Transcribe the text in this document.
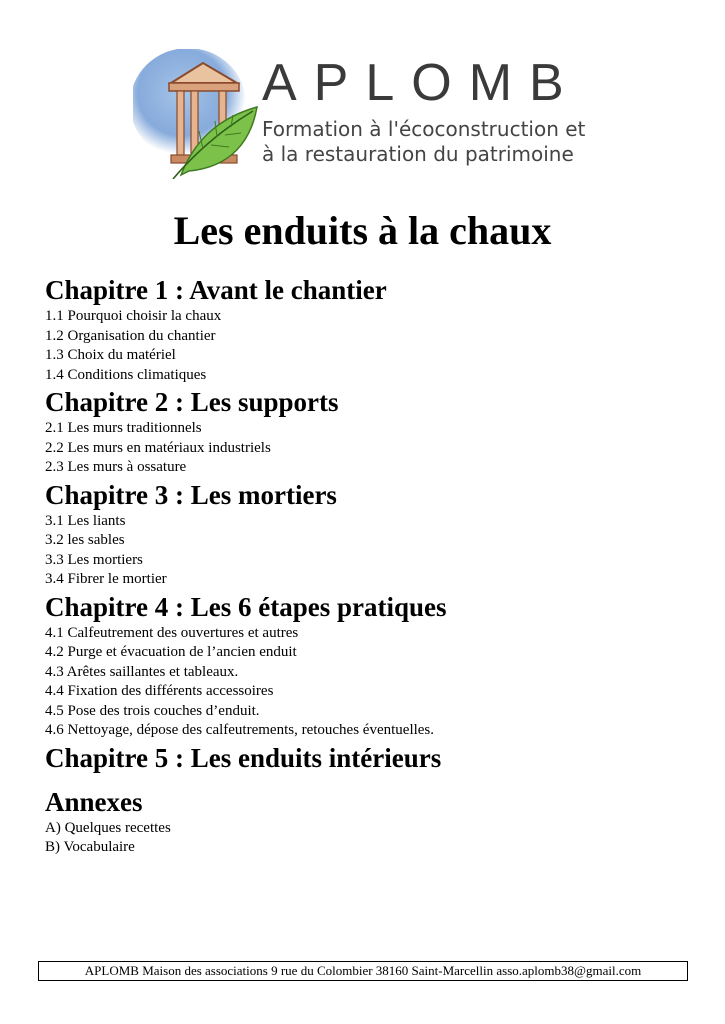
APLOMB
Formation à l'écoconstruction et
à la restauration du patrimoine
Les enduits à la chaux

Chapitre 1 : Avant le chantier

1.1 Pourquoi choisir la chaux

1.2 Organisation du chantier

1.3 Choix du matériel

1.4 Conditions climatiques

Chapitre 2 : Les supports

2.1 Les murs traditionnels

2.2 Les murs en matériaux industriels

2.3 Les murs à ossature

Chapitre 3 : Les mortiers

3.1 Les liants

3.2 les sables

3.3 Les mortiers

3.4 Fibrer le mortier

Chapitre 4 : Les 6 étapes pratiques

4.1 Calfeutrement des ouvertures et autres

4.2 Purge et évacuation de l’ancien enduit

4.3 Arêtes saillantes et tableaux.

4.4 Fixation des différents accessoires

4.5 Pose des trois couches d’enduit.

4.6 Nettoyage, dépose des calfeutrements, retouches éventuelles.

Chapitre 5 : Les enduits intérieurs

Annexes

A) Quelques recettes

B) Vocabulaire

APLOMB Maison des associations 9 rue du Colombier 38160 Saint-Marcellin asso.aplomb38@gmail.com
